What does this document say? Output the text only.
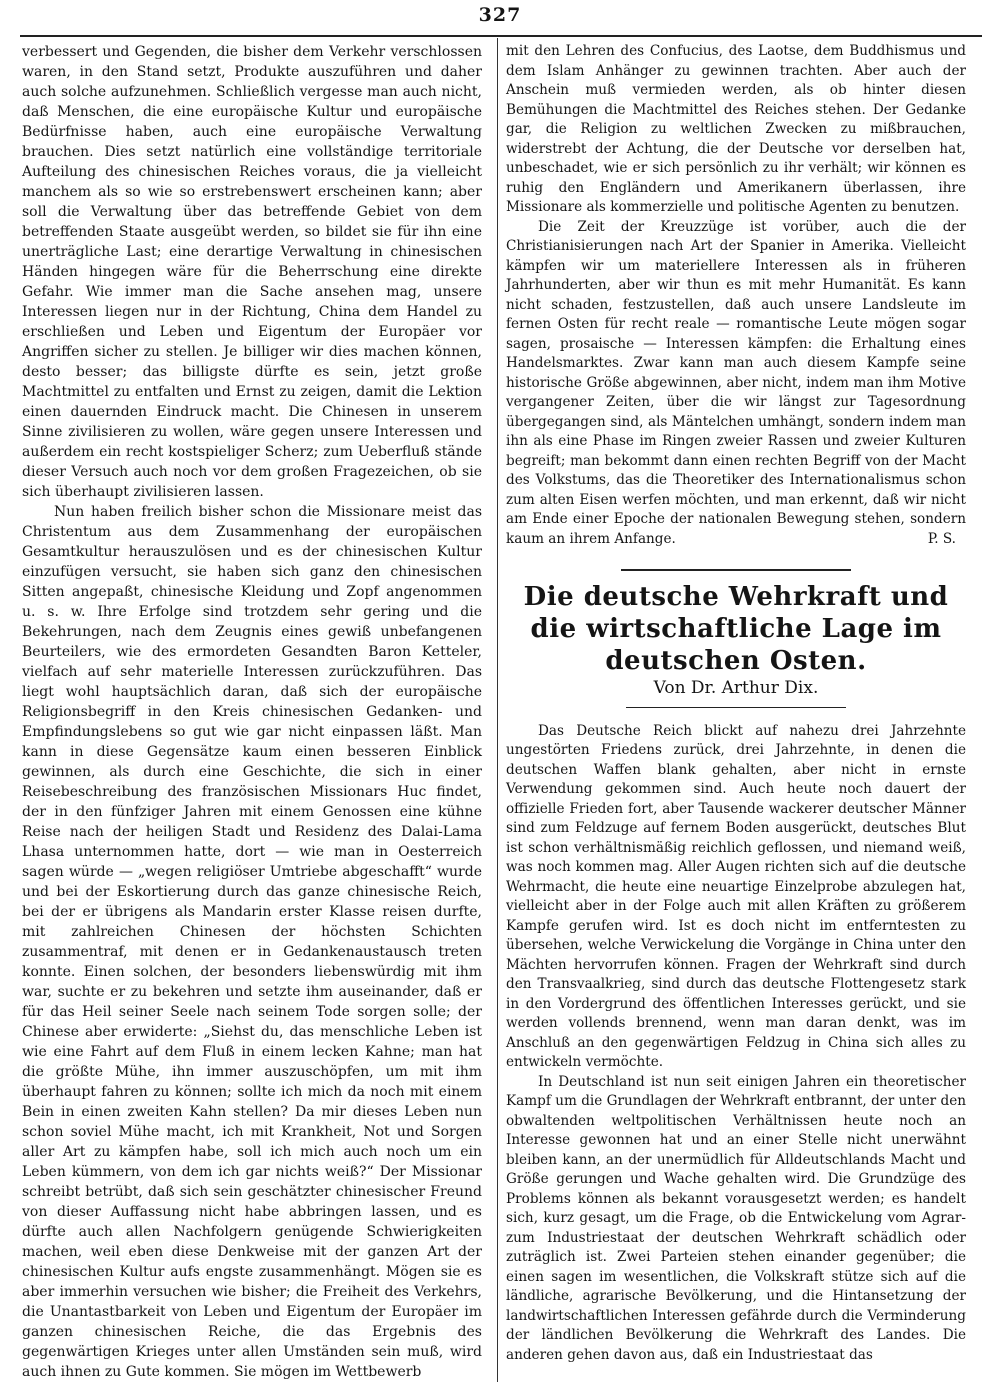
327

verbessert und Gegenden, die bisher dem Verkehr verschlossen waren, in den Stand setzt, Produkte auszuführen und daher auch solche aufzunehmen. Schließlich vergesse man auch nicht, daß Menschen, die eine europäische Kultur und europäische Bedürfnisse haben, auch eine europäische Verwaltung brauchen. Dies setzt natürlich eine vollständige territoriale Aufteilung des chinesischen Reiches voraus, die ja vielleicht manchem als so wie so erstrebenswert erscheinen kann; aber soll die Verwaltung über das betreffende Gebiet von dem betreffenden Staate ausgeübt werden, so bildet sie für ihn eine unerträgliche Last; eine derartige Verwaltung in chinesischen Händen hingegen wäre für die Beherrschung eine direkte Gefahr. Wie immer man die Sache ansehen mag, unsere Interessen liegen nur in der Richtung, China dem Handel zu erschließen und Leben und Eigentum der Europäer vor Angriffen sicher zu stellen. Je billiger wir dies machen können, desto besser; das billigste dürfte es sein, jetzt große Machtmittel zu entfalten und Ernst zu zeigen, damit die Lektion einen dauernden Eindruck macht. Die Chinesen in unserem Sinne zivilisieren zu wollen, wäre gegen unsere Interessen und außerdem ein recht kostspieliger Scherz; zum Ueberfluß stände dieser Versuch auch noch vor dem großen Fragezeichen, ob sie sich überhaupt zivilisieren lassen.

Nun haben freilich bisher schon die Missionare meist das Christentum aus dem Zusammenhang der europäischen Gesamtkultur herauszulösen und es der chinesischen Kultur einzufügen versucht, sie haben sich ganz den chinesischen Sitten angepaßt, chinesische Kleidung und Zopf angenommen u. s. w. Ihre Erfolge sind trotzdem sehr gering und die Bekehrungen, nach dem Zeugnis eines gewiß unbefangenen Beurteilers, wie des ermordeten Gesandten Baron Ketteler, vielfach auf sehr materielle Interessen zurückzuführen. Das liegt wohl hauptsächlich daran, daß sich der europäische Religionsbegriff in den Kreis chinesischen Gedanken- und Empfindungslebens so gut wie gar nicht einpassen läßt. Man kann in diese Gegensätze kaum einen besseren Einblick gewinnen, als durch eine Geschichte, die sich in einer Reisebeschreibung des französischen Missionars Huc findet, der in den fünfziger Jahren mit einem Genossen eine kühne Reise nach der heiligen Stadt und Residenz des Dalai-Lama Lhasa unternommen hatte, dort — wie man in Oesterreich sagen würde — „wegen religiöser Umtriebe abgeschafft“ wurde und bei der Eskortierung durch das ganze chinesische Reich, bei der er übrigens als Mandarin erster Klasse reisen durfte, mit zahlreichen Chinesen der höchsten Schichten zusammentraf, mit denen er in Gedankenaustausch treten konnte. Einen solchen, der besonders liebenswürdig mit ihm war, suchte er zu bekehren und setzte ihm auseinander, daß er für das Heil seiner Seele nach seinem Tode sorgen solle; der Chinese aber erwiderte: „Siehst du, das menschliche Leben ist wie eine Fahrt auf dem Fluß in einem lecken Kahne; man hat die größte Mühe, ihn immer auszuschöpfen, um mit ihm überhaupt fahren zu können; sollte ich mich da noch mit einem Bein in einen zweiten Kahn stellen? Da mir dieses Leben nun schon soviel Mühe macht, ich mit Krankheit, Not und Sorgen aller Art zu kämpfen habe, soll ich mich auch noch um ein Leben kümmern, von dem ich gar nichts weiß?“ Der Missionar schreibt betrübt, daß sich sein geschätzter chinesischer Freund von dieser Auffassung nicht habe abbringen lassen, und es dürfte auch allen Nachfolgern genügende Schwierigkeiten machen, weil eben diese Denkweise mit der ganzen Art der chinesischen Kultur aufs engste zusammenhängt. Mögen sie es aber immerhin versuchen wie bisher; die Freiheit des Verkehrs, die Unantastbarkeit von Leben und Eigentum der Europäer im ganzen chinesischen Reiche, die das Ergebnis des gegenwärtigen Krieges unter allen Umständen sein muß, wird auch ihnen zu Gute kommen. Sie mögen im Wettbewerb

mit den Lehren des Confucius, des Laotse, dem Buddhismus und dem Islam Anhänger zu gewinnen trachten. Aber auch der Anschein muß vermieden werden, als ob hinter diesen Bemühungen die Machtmittel des Reiches stehen. Der Gedanke gar, die Religion zu weltlichen Zwecken zu mißbrauchen, widerstrebt der Achtung, die der Deutsche vor derselben hat, unbeschadet, wie er sich persönlich zu ihr verhält; wir können es ruhig den Engländern und Amerikanern überlassen, ihre Missionare als kommerzielle und politische Agenten zu benutzen.

Die Zeit der Kreuzzüge ist vorüber, auch die der Christianisierungen nach Art der Spanier in Amerika. Vielleicht kämpfen wir um materiellere Interessen als in früheren Jahrhunderten, aber wir thun es mit mehr Humanität. Es kann nicht schaden, festzustellen, daß auch unsere Landsleute im fernen Osten für recht reale — romantische Leute mögen sogar sagen, prosaische — Interessen kämpfen: die Erhaltung eines Handelsmarktes. Zwar kann man auch diesem Kampfe seine historische Größe abgewinnen, aber nicht, indem man ihm Motive vergangener Zeiten, über die wir längst zur Tagesordnung übergegangen sind, als Mäntelchen umhängt, sondern indem man ihn als eine Phase im Ringen zweier Rassen und zweier Kulturen begreift; man bekommt dann einen rechten Begriff von der Macht des Volkstums, das die Theoretiker des Internationalismus schon zum alten Eisen werfen möchten, und man erkennt, daß wir nicht am Ende einer Epoche der nationalen Bewegung stehen, sondern kaum an ihrem Anfange.	P. S.

Die deutsche Wehrkraft und die wirtschaftliche Lage im deutschen Osten.
Von Dr. Arthur Dix.

Das Deutsche Reich blickt auf nahezu drei Jahrzehnte ungestörten Friedens zurück, drei Jahrzehnte, in denen die deutschen Waffen blank gehalten, aber nicht in ernste Verwendung gekommen sind. Auch heute noch dauert der offizielle Frieden fort, aber Tausende wackerer deutscher Männer sind zum Feldzuge auf fernem Boden ausgerückt, deutsches Blut ist schon verhältnismäßig reichlich geflossen, und niemand weiß, was noch kommen mag. Aller Augen richten sich auf die deutsche Wehrmacht, die heute eine neuartige Einzelprobe abzulegen hat, vielleicht aber in der Folge auch mit allen Kräften zu größerem Kampfe gerufen wird. Ist es doch nicht im entferntesten zu übersehen, welche Verwickelung die Vorgänge in China unter den Mächten hervorrufen können. Fragen der Wehrkraft sind durch den Transvaalkrieg, sind durch das deutsche Flottengesetz stark in den Vordergrund des öffentlichen Interesses gerückt, und sie werden vollends brennend, wenn man daran denkt, was im Anschluß an den gegenwärtigen Feldzug in China sich alles zu entwickeln vermöchte.

In Deutschland ist nun seit einigen Jahren ein theoretischer Kampf um die Grundlagen der Wehrkraft entbrannt, der unter den obwaltenden weltpolitischen Verhältnissen heute noch an Interesse gewonnen hat und an einer Stelle nicht unerwähnt bleiben kann, an der unermüdlich für Alldeutschlands Macht und Größe gerungen und Wache gehalten wird. Die Grundzüge des Problems können als bekannt vorausgesetzt werden; es handelt sich, kurz gesagt, um die Frage, ob die Entwickelung vom Agrar- zum Industriestaat der deutschen Wehrkraft schädlich oder zuträglich ist. Zwei Parteien stehen einander gegenüber; die einen sagen im wesentlichen, die Volkskraft stütze sich auf die ländliche, agrarische Bevölkerung, und die Hintansetzung der landwirtschaftlichen Interessen gefährde durch die Verminderung der ländlichen Bevölkerung die Wehrkraft des Landes. Die anderen gehen davon aus, daß ein Industriestaat das
